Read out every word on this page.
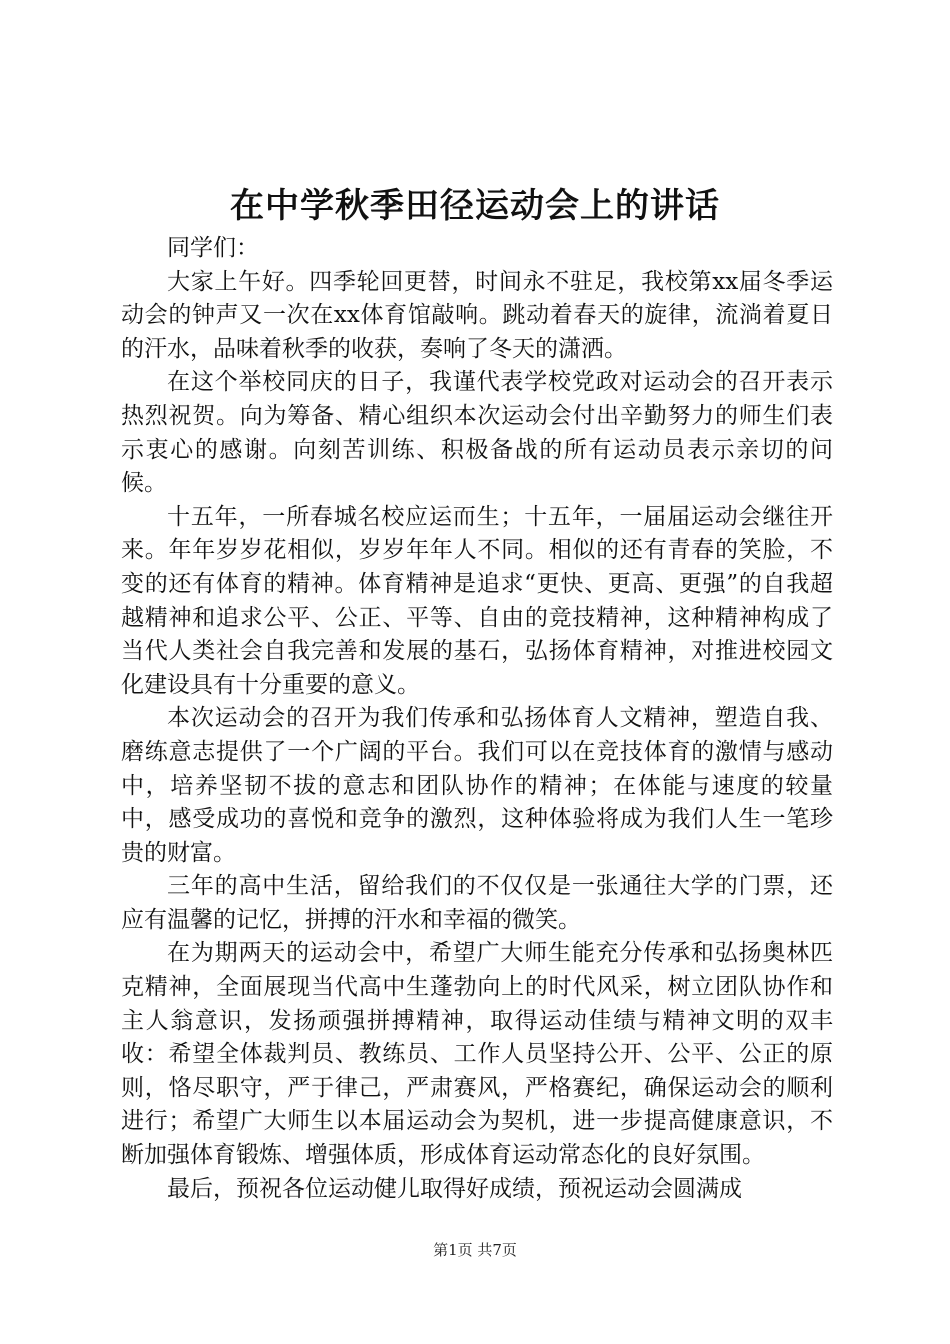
在中学秋季田径运动会上的讲话

同学们：

大家上午好。四季轮回更替，时间永不驻足，我校第xx届冬季运动会的钟声又一次在xx体育馆敲响。跳动着春天的旋律，流淌着夏日的汗水，品味着秋季的收获，奏响了冬天的潇洒。

在这个举校同庆的日子，我谨代表学校党政对运动会的召开表示热烈祝贺。向为筹备、精心组织本次运动会付出辛勤努力的师生们表示衷心的感谢。向刻苦训练、积极备战的所有运动员表示亲切的问候。

十五年，一所春城名校应运而生；十五年，一届届运动会继往开来。年年岁岁花相似，岁岁年年人不同。相似的还有青春的笑脸，不变的还有体育的精神。体育精神是追求“更快、更高、更强”的自我超越精神和追求公平、公正、平等、自由的竞技精神，这种精神构成了当代人类社会自我完善和发展的基石，弘扬体育精神，对推进校园文化建设具有十分重要的意义。

本次运动会的召开为我们传承和弘扬体育人文精神，塑造自我、磨练意志提供了一个广阔的平台。我们可以在竞技体育的激情与感动中，培养坚韧不拔的意志和团队协作的精神；在体能与速度的较量中，感受成功的喜悦和竞争的激烈，这种体验将成为我们人生一笔珍贵的财富。

三年的高中生活，留给我们的不仅仅是一张通往大学的门票，还应有温馨的记忆，拼搏的汗水和幸福的微笑。

在为期两天的运动会中，希望广大师生能充分传承和弘扬奥林匹克精神，全面展现当代高中生蓬勃向上的时代风采，树立团队协作和主人翁意识，发扬顽强拼搏精神，取得运动佳绩与精神文明的双丰收：希望全体裁判员、教练员、工作人员坚持公开、公平、公正的原则，恪尽职守，严于律己，严肃赛风，严格赛纪，确保运动会的顺利进行；希望广大师生以本届运动会为契机，进一步提高健康意识，不断加强体育锻炼、增强体质，形成体育运动常态化的良好氛围。

最后，预祝各位运动健儿取得好成绩，预祝运动会圆满成

第1页 共7页
